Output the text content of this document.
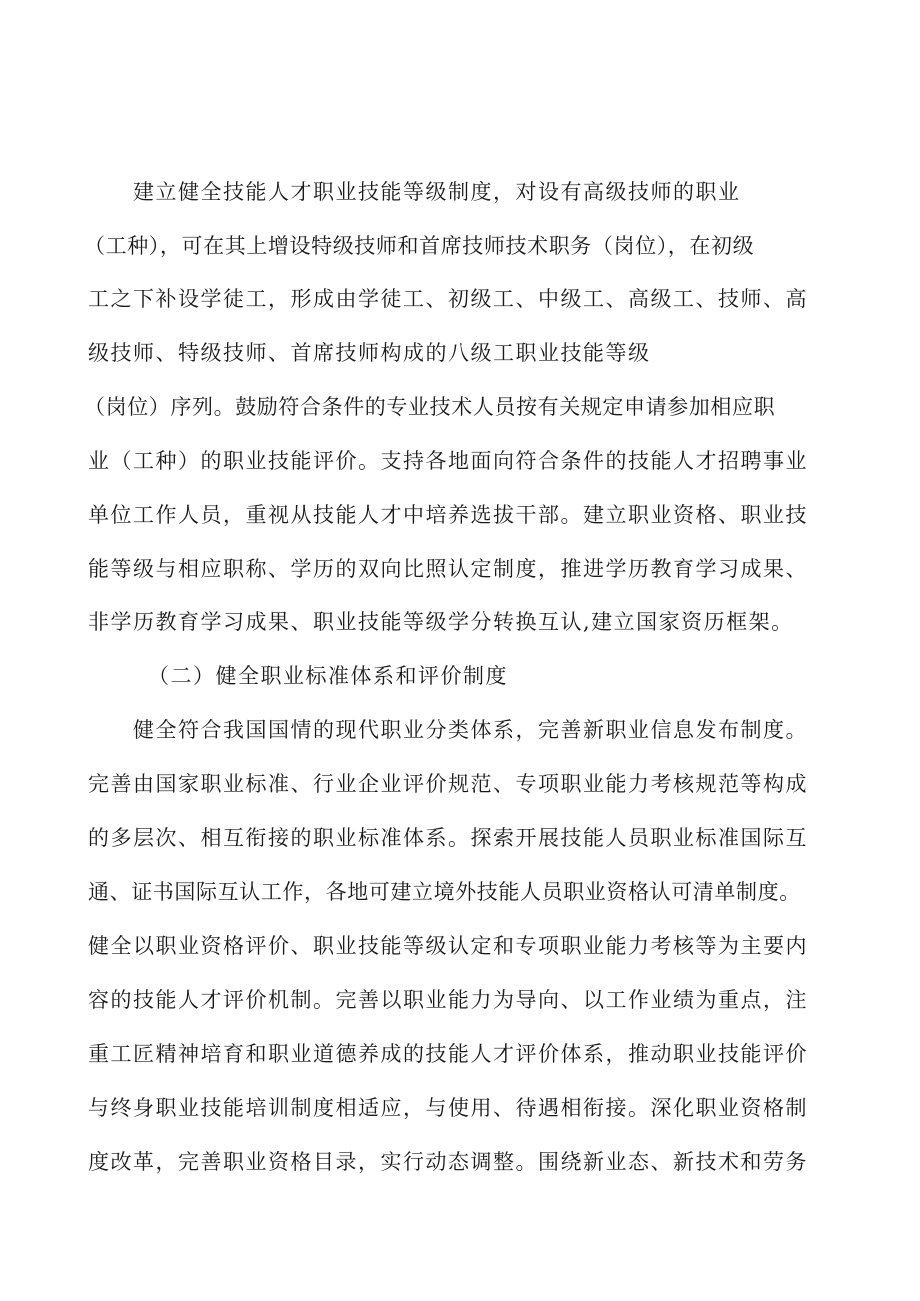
建立健全技能人才职业技能等级制度，对设有高级技师的职业
（工种），可在其上增设特级技师和首席技师技术职务（岗位），在初级
工之下补设学徒工，形成由学徒工、初级工、中级工、高级工、技师、高
级技师、特级技师、首席技师构成的八级工职业技能等级
（岗位）序列。鼓励符合条件的专业技术人员按有关规定申请参加相应职
业（工种）的职业技能评价。支持各地面向符合条件的技能人才招聘事业
单位工作人员，重视从技能人才中培养选拔干部。建立职业资格、职业技
能等级与相应职称、学历的双向比照认定制度，推进学历教育学习成果、
非学历教育学习成果、职业技能等级学分转换互认,建立国家资历框架。
（二）健全职业标准体系和评价制度
健全符合我国国情的现代职业分类体系，完善新职业信息发布制度。
完善由国家职业标准、行业企业评价规范、专项职业能力考核规范等构成
的多层次、相互衔接的职业标准体系。探索开展技能人员职业标准国际互
通、证书国际互认工作，各地可建立境外技能人员职业资格认可清单制度。
健全以职业资格评价、职业技能等级认定和专项职业能力考核等为主要内
容的技能人才评价机制。完善以职业能力为导向、以工作业绩为重点，注
重工匠精神培育和职业道德养成的技能人才评价体系，推动职业技能评价
与终身职业技能培训制度相适应，与使用、待遇相衔接。深化职业资格制
度改革，完善职业资格目录，实行动态调整。围绕新业态、新技术和劳务
